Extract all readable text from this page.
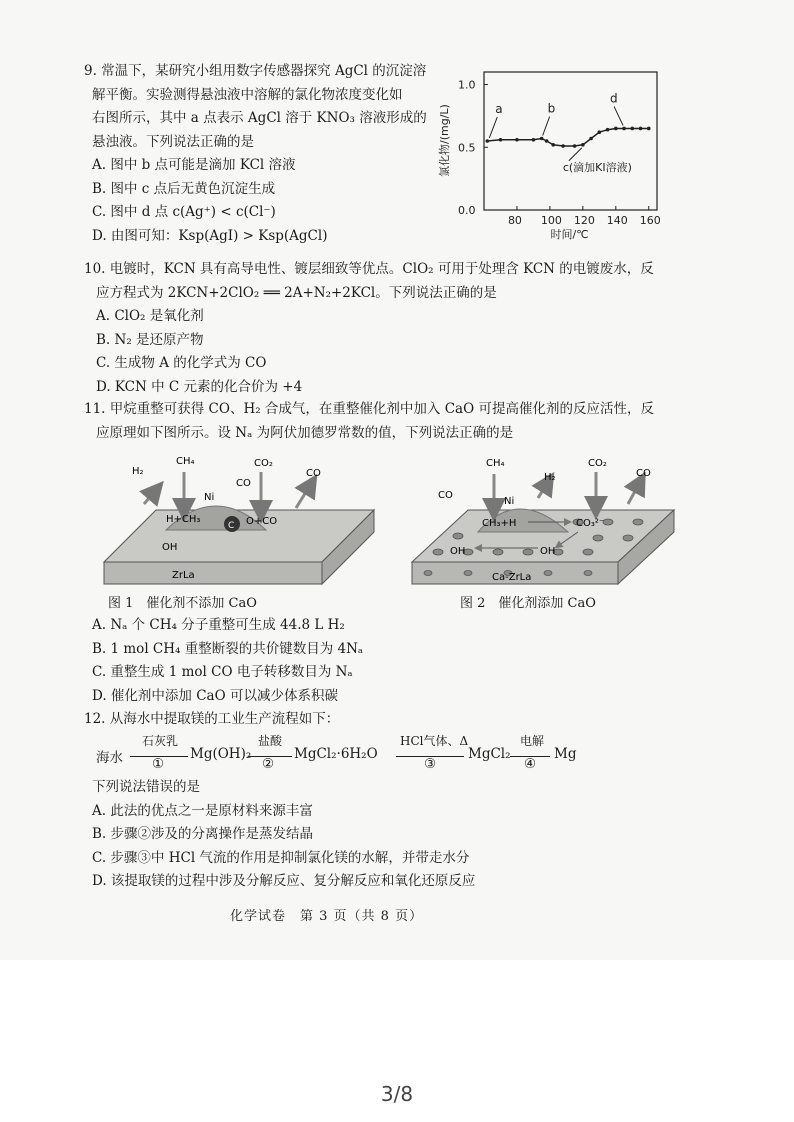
9. 常温下，某研究小组用数字传感器探究 AgCl 的沉淀溶
解平衡。实验测得悬浊液中溶解的氯化物浓度变化如
右图所示，其中 a 点表示 AgCl 溶于 KNO₃ 溶液形成的
悬浊液。下列说法正确的是
A. 图中 b 点可能是滴加 KCl 溶液
B. 图中 c 点后无黄色沉淀生成
C. 图中 d 点 c(Ag⁺) < c(Cl⁻)
D. 由图可知：Ksp(AgI) > Ksp(AgCl)
80 100 120 140 160
0.0
0.5
1.0
时间/℃
氯化物/(mg/L)	a	b
c(滴加KI溶液)
d
10. 电镀时，KCN 具有高导电性、镀层细致等优点。ClO₂ 可用于处理含 KCN 的电镀废水，反
应方程式为 2KCN+2ClO₂ ══ 2A+N₂+2KCl。下列说法正确的是
A. ClO₂ 是氧化剂
B. N₂ 是还原产物
C. 生成物 A 的化学式为 CO
D. KCN 中 C 元素的化合价为 +4
11. 甲烷重整可获得 CO、H₂ 合成气，在重整催化剂中加入 CaO 可提高催化剂的反应活性，反
应原理如下图所示。设 Nₐ 为阿伏加德罗常数的值，下列说法正确的是
C
H₂
CH₄	CO₂
CO
Ni
CO
H+CH₃	O+CO
OH
ZrLa
CH₄	CO₂
CO
H₂
Ni
CO
CH₃+H	CO₃²⁻
OH	OH
Ca-ZrLa
图 1　催化剂不添加 CaO	图 2　催化剂添加 CaO
A. Nₐ 个 CH₄ 分子重整可生成 44.8 L H₂
B. 1 mol CH₄ 重整断裂的共价键数目为 4Nₐ
C. 重整生成 1 mol CO 电子转移数目为 Nₐ
D. 催化剂中添加 CaO 可以减少体系积碳
12. 从海水中提取镁的工业生产流程如下：
海水
石灰乳
①
Mg(OH)₂
盐酸
②
MgCl₂·6H₂O
HCl气体、Δ
③
MgCl₂
电解
④
Mg
下列说法错误的是
A. 此法的优点之一是原材料来源丰富
B. 步骤②涉及的分离操作是蒸发结晶
C. 步骤③中 HCl 气流的作用是抑制氯化镁的水解，并带走水分
D. 该提取镁的过程中涉及分解反应、复分解反应和氧化还原反应
化学试卷　第 3 页（共 8 页）
3/8
